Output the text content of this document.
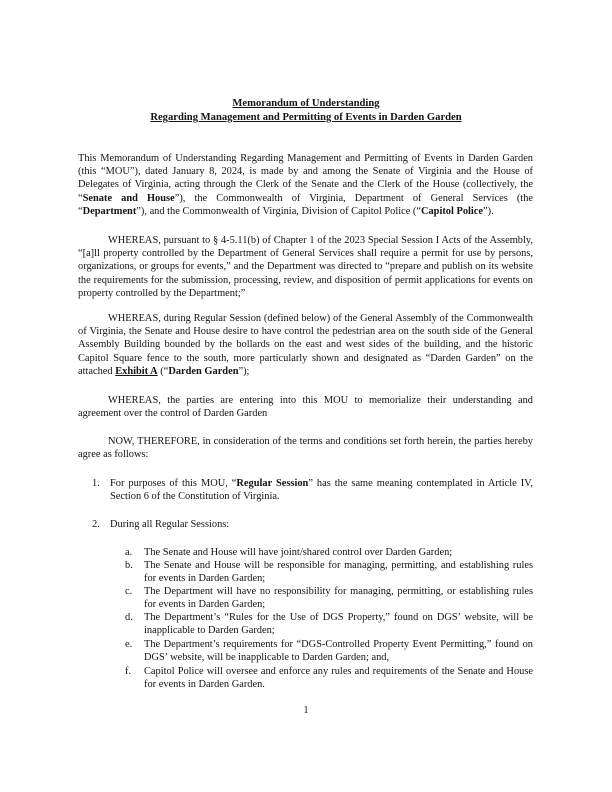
Memorandum of Understanding
Regarding Management and Permitting of Events in Darden Garden

This Memorandum of Understanding Regarding Management and Permitting of Events in Darden Garden (this “MOU”), dated January 8, 2024, is made by and among the Senate of Virginia and the House of Delegates of Virginia, acting through the Clerk of the Senate and the Clerk of the House (collectively, the “Senate and House”), the Commonwealth of Virginia, Department of General Services (the “Department”), and the Commonwealth of Virginia, Division of Capitol Police (“Capitol Police”).

WHEREAS, pursuant to § 4-5.11(b) of Chapter 1 of the 2023 Special Session I Acts of the Assembly, “[a]ll property controlled by the Department of General Services shall require a permit for use by persons, organizations, or groups for events,” and the Department was directed to “prepare and publish on its website the requirements for the submission, processing, review, and disposition of permit applications for events on property controlled by the Department;”

WHEREAS, during Regular Session (defined below) of the General Assembly of the Commonwealth of Virginia, the Senate and House desire to have control the pedestrian area on the south side of the General Assembly Building bounded by the bollards on the east and west sides of the building, and the historic Capitol Square fence to the south, more particularly shown and designated as “Darden Garden” on the attached Exhibit A (“Darden Garden”);

WHEREAS, the parties are entering into this MOU to memorialize their understanding and agreement over the control of Darden Garden

NOW, THEREFORE, in consideration of the terms and conditions set forth herein, the parties hereby agree as follows:

1. For purposes of this MOU, “Regular Session” has the same meaning contemplated in Article IV, Section 6 of the Constitution of Virginia.
2. During all Regular Sessions:
a. The Senate and House will have joint/shared control over Darden Garden;
b. The Senate and House will be responsible for managing, permitting, and establishing rules for events in Darden Garden;
c. The Department will have no responsibility for managing, permitting, or establishing rules for events in Darden Garden;
d. The Department’s “Rules for the Use of DGS Property,” found on DGS’ website, will be inapplicable to Darden Garden;
e. The Department’s requirements for “DGS-Controlled Property Event Permitting,” found on DGS’ website, will be inapplicable to Darden Garden; and,
f. Capitol Police will oversee and enforce any rules and requirements of the Senate and House for events in Darden Garden.
1
